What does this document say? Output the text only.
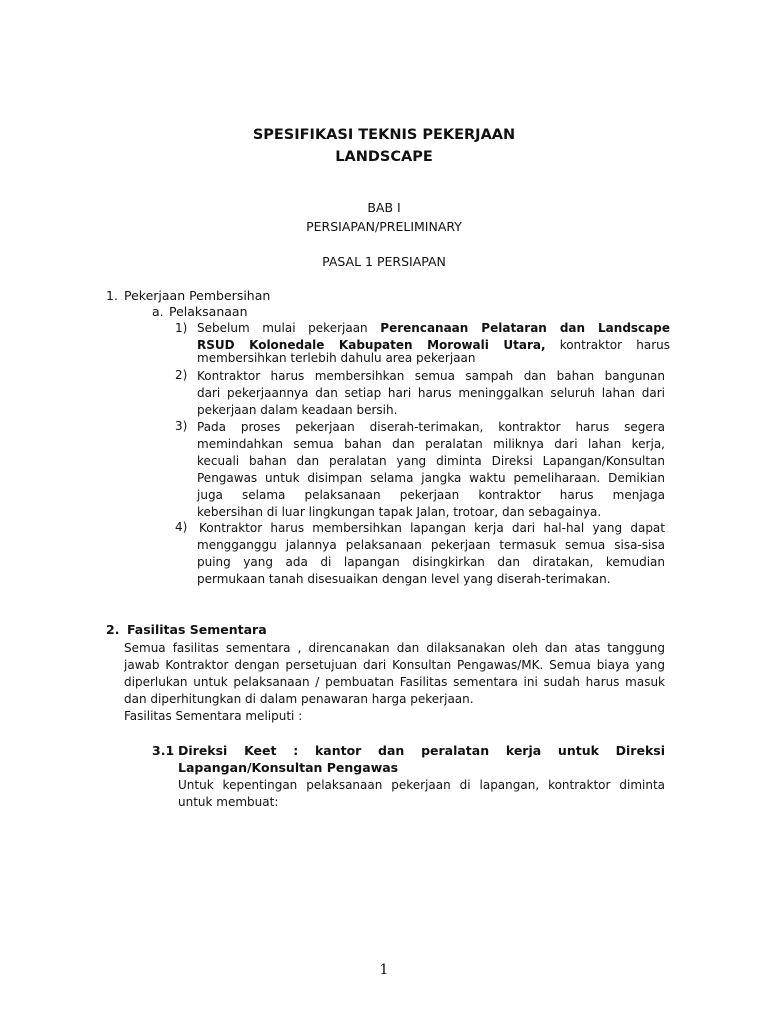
SPESIFIKASI TEKNIS PEKERJAAN
LANDSCAPE
BAB I
PERSIAPAN/PRELIMINARY
PASAL 1 PERSIAPAN
1. Pekerjaan Pembersihan
a. Pelaksanaan
1) Sebelum mulai pekerjaan Perencanaan Pelataran dan Landscape
RSUD Kolonedale Kabupaten Morowali Utara, kontraktor harus
membersihkan terlebih dahulu area pekerjaan
2) Kontraktor harus membersihkan semua sampah dan bahan bangunan
dari pekerjaannya dan setiap hari harus meninggalkan seluruh lahan dari
pekerjaan dalam keadaan bersih.
3) Pada proses pekerjaan diserah-terimakan, kontraktor harus segera
memindahkan semua bahan dan peralatan miliknya dari lahan kerja,
kecuali bahan dan peralatan yang diminta Direksi Lapangan/Konsultan
Pengawas untuk disimpan selama jangka waktu pemeliharaan. Demikian
juga selama pelaksanaan pekerjaan kontraktor harus menjaga
kebersihan di luar lingkungan tapak Jalan, trotoar, dan sebagainya.
4) Kontraktor harus membersihkan lapangan kerja dari hal-hal yang dapat
mengganggu jalannya pelaksanaan pekerjaan termasuk semua sisa-sisa
puing yang ada di lapangan disingkirkan dan diratakan, kemudian
permukaan tanah disesuaikan dengan level yang diserah-terimakan.
2. Fasilitas Sementara
Semua fasilitas sementara , direncanakan dan dilaksanakan oleh dan atas tanggung
jawab Kontraktor dengan persetujuan dari Konsultan Pengawas/MK. Semua biaya yang
diperlukan untuk pelaksanaan / pembuatan Fasilitas sementara ini sudah harus masuk
dan diperhitungkan di dalam penawaran harga pekerjaan.
Fasilitas Sementara meliputi :
3.1 Direksi Keet : kantor dan peralatan kerja untuk Direksi
Lapangan/Konsultan Pengawas
Untuk kepentingan pelaksanaan pekerjaan di lapangan, kontraktor diminta
untuk membuat:
1
